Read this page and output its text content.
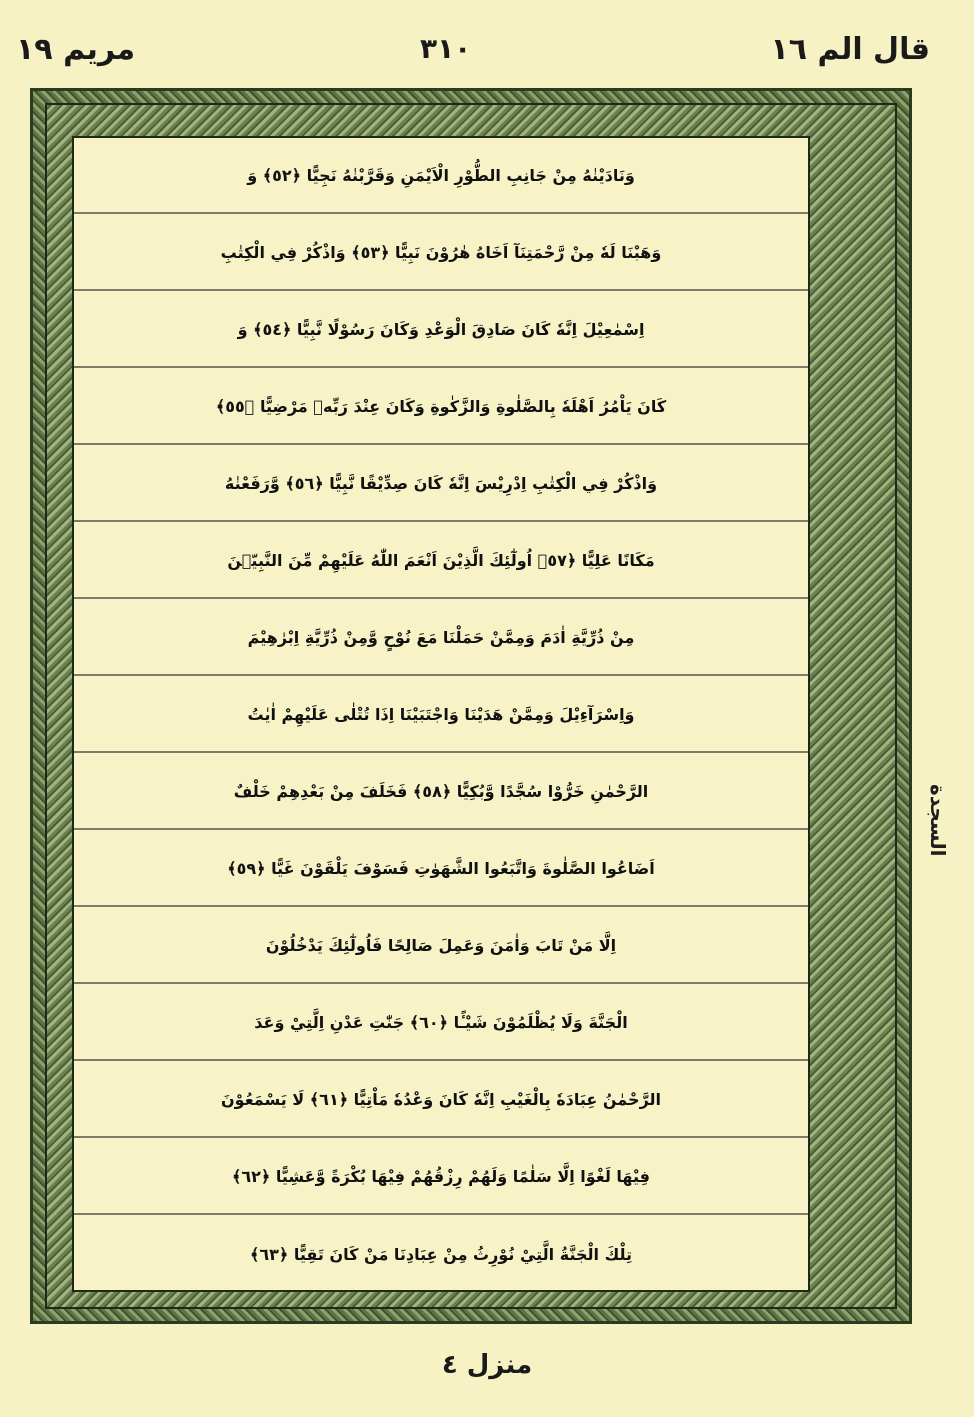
مريم ١٩	٣١٠	قال الم ١٦
وَنَادَيْنٰهُ مِنْ جَانِبِ الطُّوْرِ الْاَيْمَنِ وَقَرَّبْنٰهُ نَجِيًّا ﴿٥٢﴾ وَ
وَهَبْنَا لَهٗ مِنْ رَّحْمَتِنَآ اَخَاهُ هٰرُوْنَ نَبِيًّا ﴿٥٣﴾ وَاذْكُرْ فِي الْكِتٰبِ
اِسْمٰعِيْلَ اِنَّهٗ كَانَ صَادِقَ الْوَعْدِ وَكَانَ رَسُوْلًا نَّبِيًّا ﴿٥٤﴾ وَ
كَانَ يَاْمُرُ اَهْلَهٗ بِالصَّلٰوةِ وَالزَّكٰوةِ وَكَانَ عِنْدَ رَبِّهٖ مَرْضِيًّا ﴿٥٥﴾
وَاذْكُرْ فِي الْكِتٰبِ اِدْرِيْسَ اِنَّهٗ كَانَ صِدِّيْقًا نَّبِيًّا ﴿٥٦﴾ وَّرَفَعْنٰهُ
مَكَانًا عَلِيًّا ﴿٥٧﴾ اُولٰٓئِكَ الَّذِيْنَ اَنْعَمَ اللّٰهُ عَلَيْهِمْ مِّنَ النَّبِيّٖنَ
مِنْ ذُرِّيَّةِ اٰدَمَ وَمِمَّنْ حَمَلْنَا مَعَ نُوْحٍ وَّمِنْ ذُرِّيَّةِ اِبْرٰهِيْمَ
وَاِسْرَآءِيْلَ وَمِمَّنْ هَدَيْنَا وَاجْتَبَيْنَا اِذَا تُتْلٰى عَلَيْهِمْ اٰيٰتُ
الرَّحْمٰنِ خَرُّوْا سُجَّدًا وَّبُكِيًّا ﴿٥٨﴾ فَخَلَفَ مِنْ بَعْدِهِمْ خَلْفٌ
اَضَاعُوا الصَّلٰوةَ وَاتَّبَعُوا الشَّهَوٰتِ فَسَوْفَ يَلْقَوْنَ غَيًّا ﴿٥٩﴾
اِلَّا مَنْ تَابَ وَاٰمَنَ وَعَمِلَ صَالِحًا فَاُولٰٓئِكَ يَدْخُلُوْنَ
الْجَنَّةَ وَلَا يُظْلَمُوْنَ شَيْـًٔا ﴿٦٠﴾ جَنّٰتِ عَدْنِ اِلَّتِيْ وَعَدَ
الرَّحْمٰنُ عِبَادَهٗ بِالْغَيْبِ اِنَّهٗ كَانَ وَعْدُهٗ مَاْتِيًّا ﴿٦١﴾ لَا يَسْمَعُوْنَ
فِيْهَا لَغْوًا اِلَّا سَلٰمًا وَلَهُمْ رِزْقُهُمْ فِيْهَا بُكْرَةً وَّعَشِيًّا ﴿٦٢﴾
تِلْكَ الْجَنَّةُ الَّتِيْ نُوْرِثُ مِنْ عِبَادِنَا مَنْ كَانَ تَقِيًّا ﴿٦٣﴾
السجدة
منزل ٤
